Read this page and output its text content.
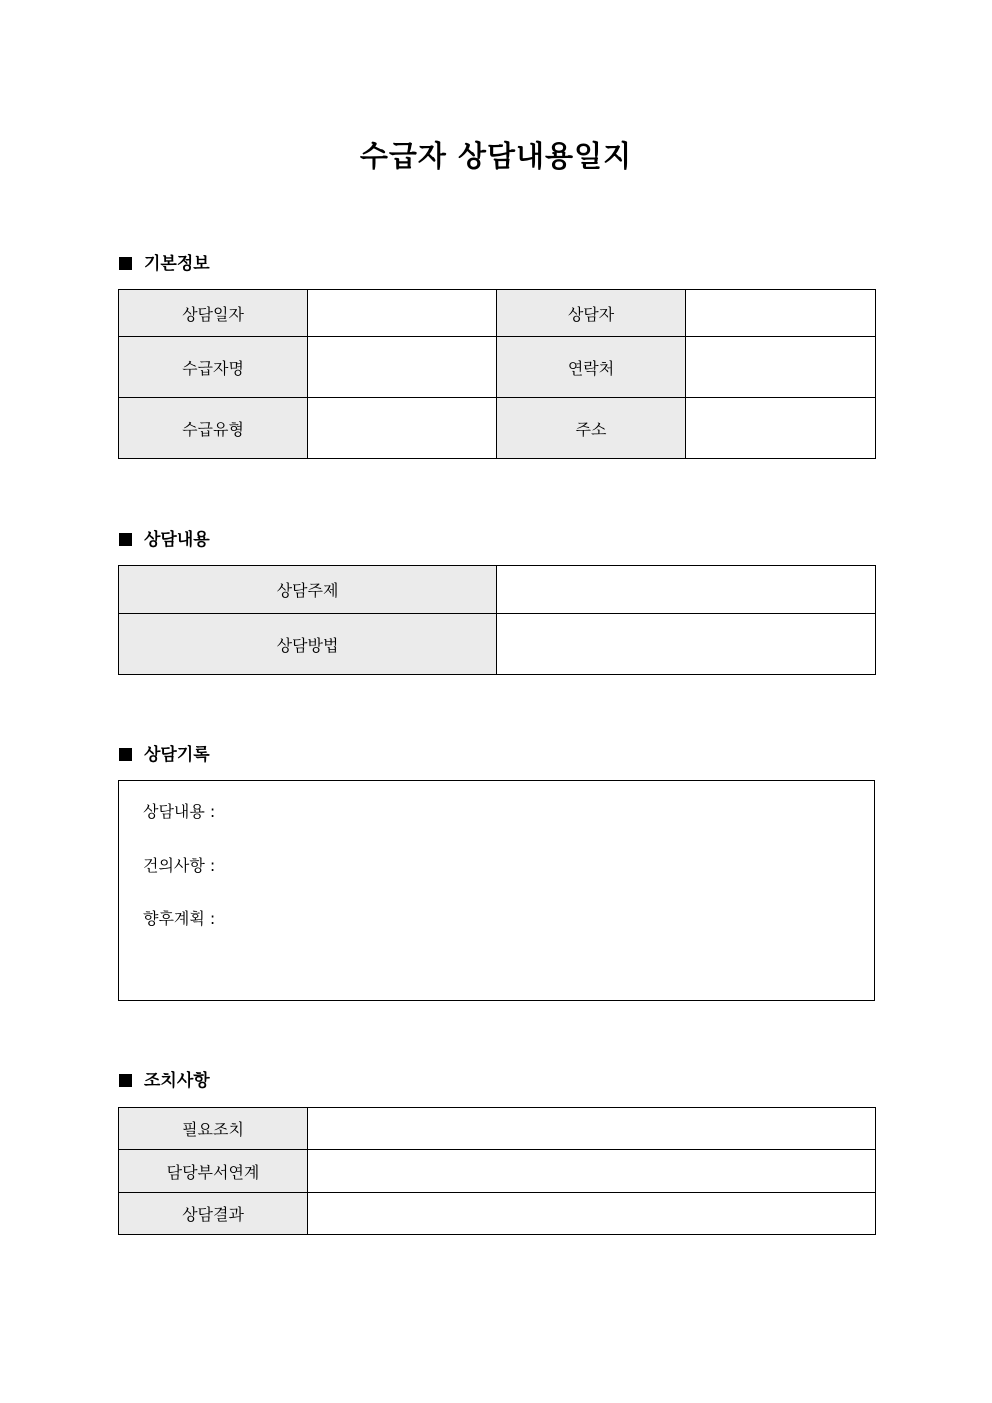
수급자 상담내용일지
기본정보
상담일자		상담자	
수급자명		연락처	
수급유형		주소	
상담내용
상담주제	
상담방법	
상담기록
상담내용 :
건의사항 :
향후계획 :
조치사항
필요조치	
담당부서연계	
상담결과	
